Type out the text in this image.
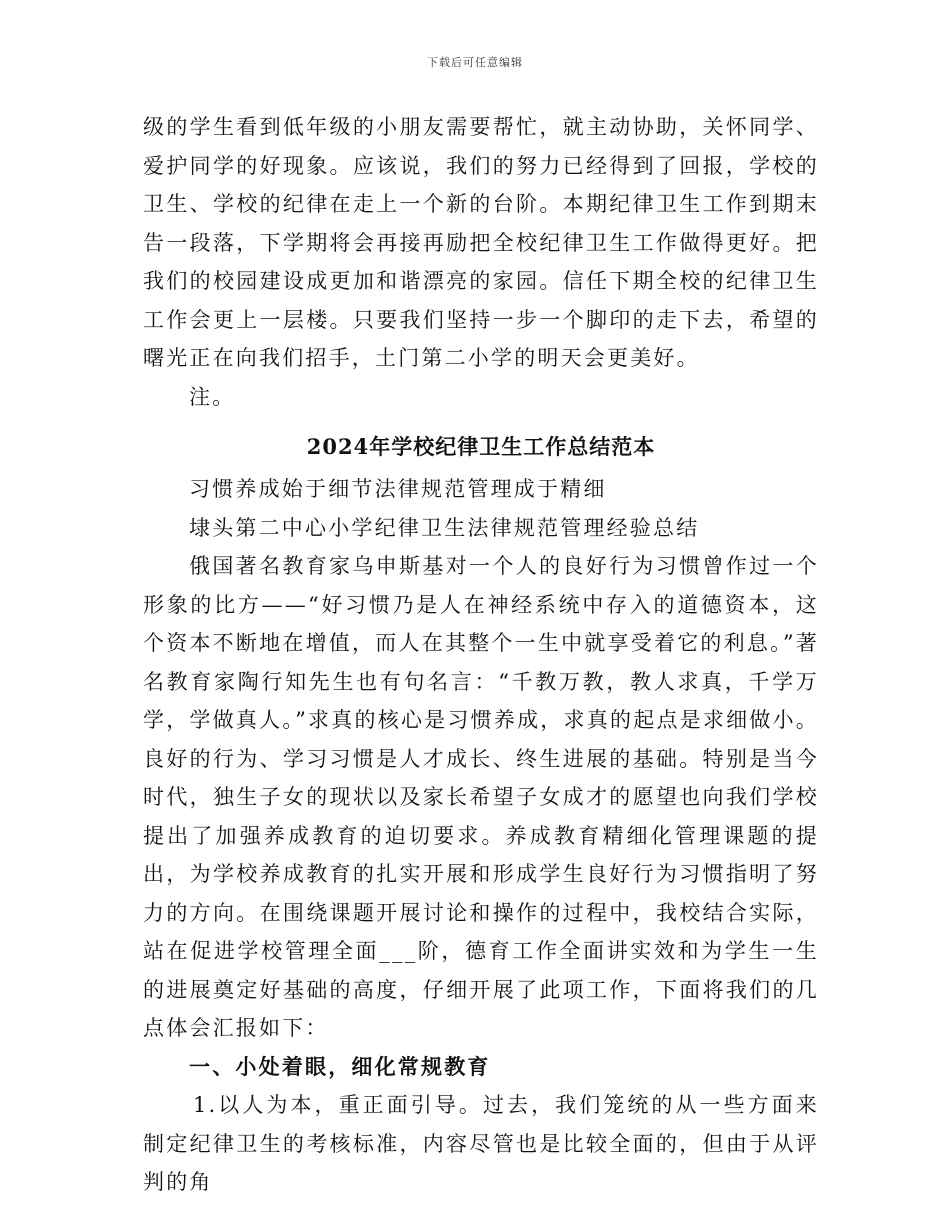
下载后可任意编辑

级的学生看到低年级的小朋友需要帮忙，就主动协助，关怀同学、爱护同学的好现象。应该说，我们的努力已经得到了回报，学校的卫生、学校的纪律在走上一个新的台阶。本期纪律卫生工作到期末告一段落，下学期将会再接再励把全校纪律卫生工作做得更好。把我们的校园建设成更加和谐漂亮的家园。信任下期全校的纪律卫生工作会更上一层楼。只要我们坚持一步一个脚印的走下去，希望的曙光正在向我们招手，土门第二小学的明天会更美好。

注。

2024年学校纪律卫生工作总结范本

习惯养成始于细节法律规范管理成于精细

埭头第二中心小学纪律卫生法律规范管理经验总结

俄国著名教育家乌申斯基对一个人的良好行为习惯曾作过一个形象的比方——“好习惯乃是人在神经系统中存入的道德资本，这个资本不断地在增值，而人在其整个一生中就享受着它的利息。”著名教育家陶行知先生也有句名言：“千教万教，教人求真，千学万学，学做真人。”求真的核心是习惯养成，求真的起点是求细做小。良好的行为、学习习惯是人才成长、终生进展的基础。特别是当今时代，独生子女的现状以及家长希望子女成才的愿望也向我们学校提出了加强养成教育的迫切要求。养成教育精细化管理课题的提出，为学校养成教育的扎实开展和形成学生良好行为习惯指明了努力的方向。在围绕课题开展讨论和操作的过程中，我校结合实际，站在促进学校管理全面___阶，德育工作全面讲实效和为学生一生的进展奠定好基础的高度，仔细开展了此项工作，下面将我们的几点体会汇报如下：

一、小处着眼，细化常规教育

1.以人为本，重正面引导。过去，我们笼统的从一些方面来制定纪律卫生的考核标准，内容尽管也是比较全面的，但由于从评判的角
